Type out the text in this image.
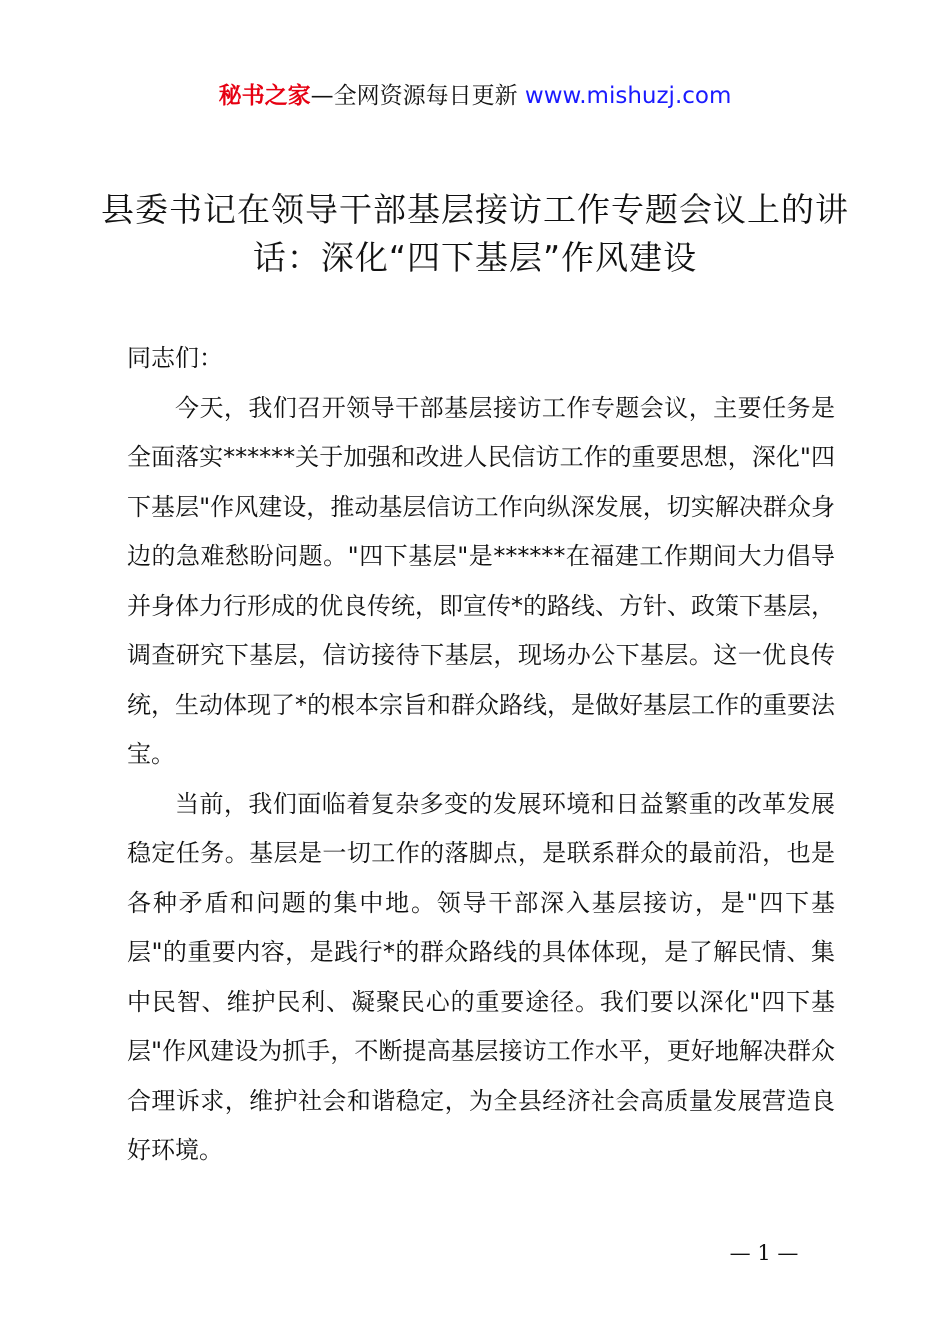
秘书之家—全网资源每日更新 www.mishuzj.com
县委书记在领导干部基层接访工作专题会议上的讲话：深化“四下基层”作风建设

同志们：

今天，我们召开领导干部基层接访工作专题会议，主要任务是全面落实******关于加强和改进人民信访工作的重要思想，深化"四下基层"作风建设，推动基层信访工作向纵深发展，切实解决群众身边的急难愁盼问题。"四下基层"是******在福建工作期间大力倡导并身体力行形成的优良传统，即宣传*的路线、方针、政策下基层，调查研究下基层，信访接待下基层，现场办公下基层。这一优良传统，生动体现了*的根本宗旨和群众路线，是做好基层工作的重要法宝。

当前，我们面临着复杂多变的发展环境和日益繁重的改革发展稳定任务。基层是一切工作的落脚点，是联系群众的最前沿，也是各种矛盾和问题的集中地。领导干部深入基层接访，是"四下基层"的重要内容，是践行*的群众路线的具体体现，是了解民情、集中民智、维护民利、凝聚民心的重要途径。我们要以深化"四下基层"作风建设为抓手，不断提高基层接访工作水平，更好地解决群众合理诉求，维护社会和谐稳定，为全县经济社会高质量发展营造良好环境。

— 1 —
